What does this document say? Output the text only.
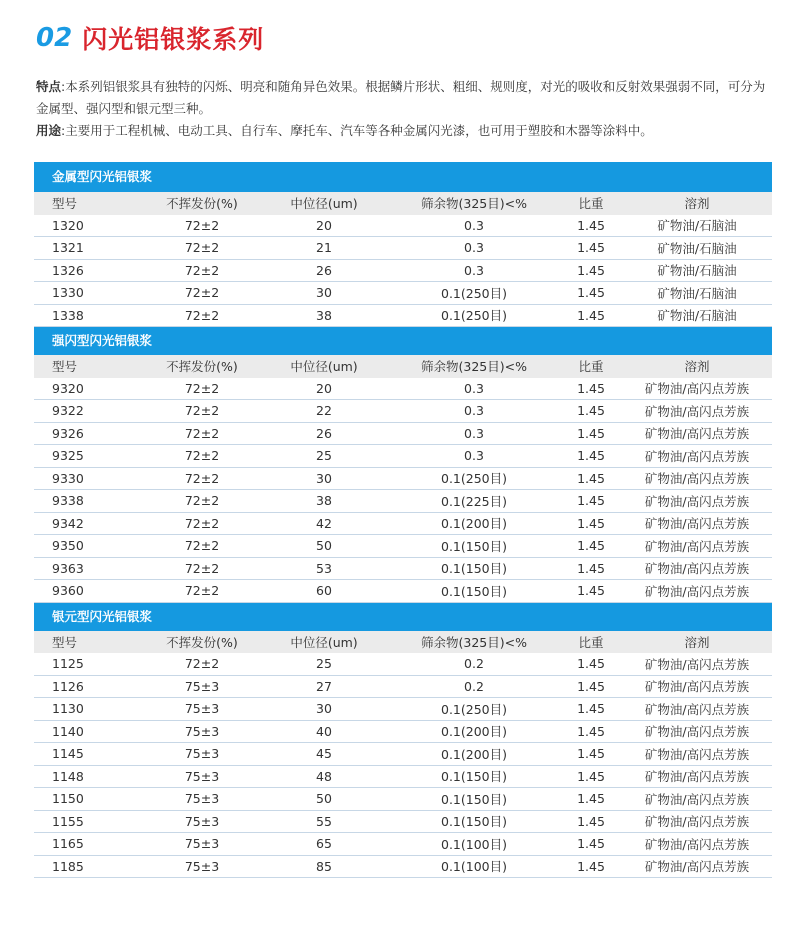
02 闪光铝银浆系列

特点:本系列铝银浆具有独特的闪烁、明亮和随角异色效果。根据鳞片形状、粗细、规则度，对光的吸收和反射效果强弱不同，可分为金属型、强闪型和银元型三种。

用途:主要用于工程机械、电动工具、自行车、摩托车、汽车等各种金属闪光漆，也可用于塑胶和木器等涂料中。

金属型闪光铝银浆
型号	不挥发份(%)	中位径(um)	筛余物(325目)<%	比重	溶剂
1320	72±2	20	0.3	1.45	矿物油/石脑油
1321	72±2	21	0.3	1.45	矿物油/石脑油
1326	72±2	26	0.3	1.45	矿物油/石脑油
1330	72±2	30	0.1(250目)	1.45	矿物油/石脑油
1338	72±2	38	0.1(250目)	1.45	矿物油/石脑油
强闪型闪光铝银浆
型号	不挥发份(%)	中位径(um)	筛余物(325目)<%	比重	溶剂
9320	72±2	20	0.3	1.45	矿物油/高闪点芳族
9322	72±2	22	0.3	1.45	矿物油/高闪点芳族
9326	72±2	26	0.3	1.45	矿物油/高闪点芳族
9325	72±2	25	0.3	1.45	矿物油/高闪点芳族
9330	72±2	30	0.1(250目)	1.45	矿物油/高闪点芳族
9338	72±2	38	0.1(225目)	1.45	矿物油/高闪点芳族
9342	72±2	42	0.1(200目)	1.45	矿物油/高闪点芳族
9350	72±2	50	0.1(150目)	1.45	矿物油/高闪点芳族
9363	72±2	53	0.1(150目)	1.45	矿物油/高闪点芳族
9360	72±2	60	0.1(150目)	1.45	矿物油/高闪点芳族
银元型闪光铝银浆
型号	不挥发份(%)	中位径(um)	筛余物(325目)<%	比重	溶剂
1125	72±2	25	0.2	1.45	矿物油/高闪点芳族
1126	75±3	27	0.2	1.45	矿物油/高闪点芳族
1130	75±3	30	0.1(250目)	1.45	矿物油/高闪点芳族
1140	75±3	40	0.1(200目)	1.45	矿物油/高闪点芳族
1145	75±3	45	0.1(200目)	1.45	矿物油/高闪点芳族
1148	75±3	48	0.1(150目)	1.45	矿物油/高闪点芳族
1150	75±3	50	0.1(150目)	1.45	矿物油/高闪点芳族
1155	75±3	55	0.1(150目)	1.45	矿物油/高闪点芳族
1165	75±3	65	0.1(100目)	1.45	矿物油/高闪点芳族
1185	75±3	85	0.1(100目)	1.45	矿物油/高闪点芳族
